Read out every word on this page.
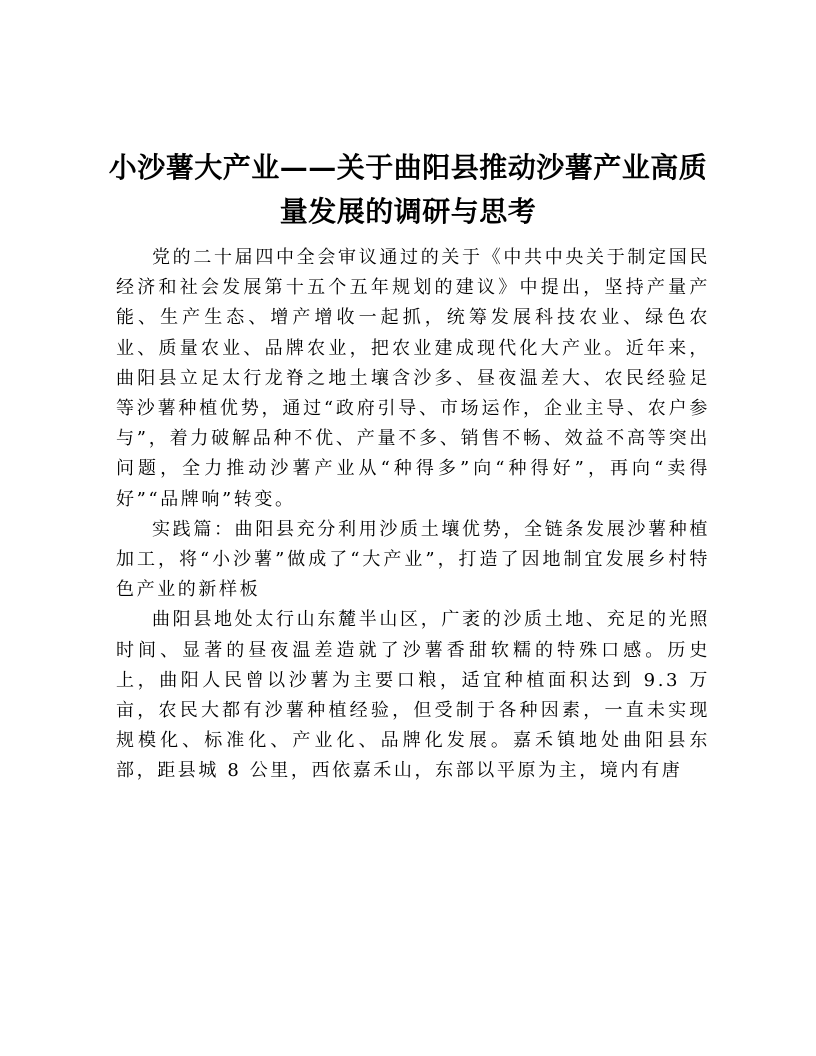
小沙薯大产业——关于曲阳县推动沙薯产业高质量发展的调研与思考

党的二十届四中全会审议通过的关于《中共中央关于制定国民经济和社会发展第十五个五年规划的建议》中提出，坚持产量产能、生产生态、增产增收一起抓，统筹发展科技农业、绿色农业、质量农业、品牌农业，把农业建成现代化大产业。近年来，曲阳县立足太行龙脊之地土壤含沙多、昼夜温差大、农民经验足等沙薯种植优势，通过“政府引导、市场运作，企业主导、农户参与”，着力破解品种不优、产量不多、销售不畅、效益不高等突出问题，全力推动沙薯产业从“种得多”向“种得好”，再向“卖得好”“品牌响”转变。

实践篇：曲阳县充分利用沙质土壤优势，全链条发展沙薯种植加工，将“小沙薯”做成了“大产业”，打造了因地制宜发展乡村特色产业的新样板

曲阳县地处太行山东麓半山区，广袤的沙质土地、充足的光照时间、显著的昼夜温差造就了沙薯香甜软糯的特殊口感。历史上，曲阳人民曾以沙薯为主要口粮，适宜种植面积达到 9.3 万亩，农民大都有沙薯种植经验，但受制于各种因素，一直未实现规模化、标准化、产业化、品牌化发展。嘉禾镇地处曲阳县东部，距县城 8 公里，西依嘉禾山，东部以平原为主，境内有唐
